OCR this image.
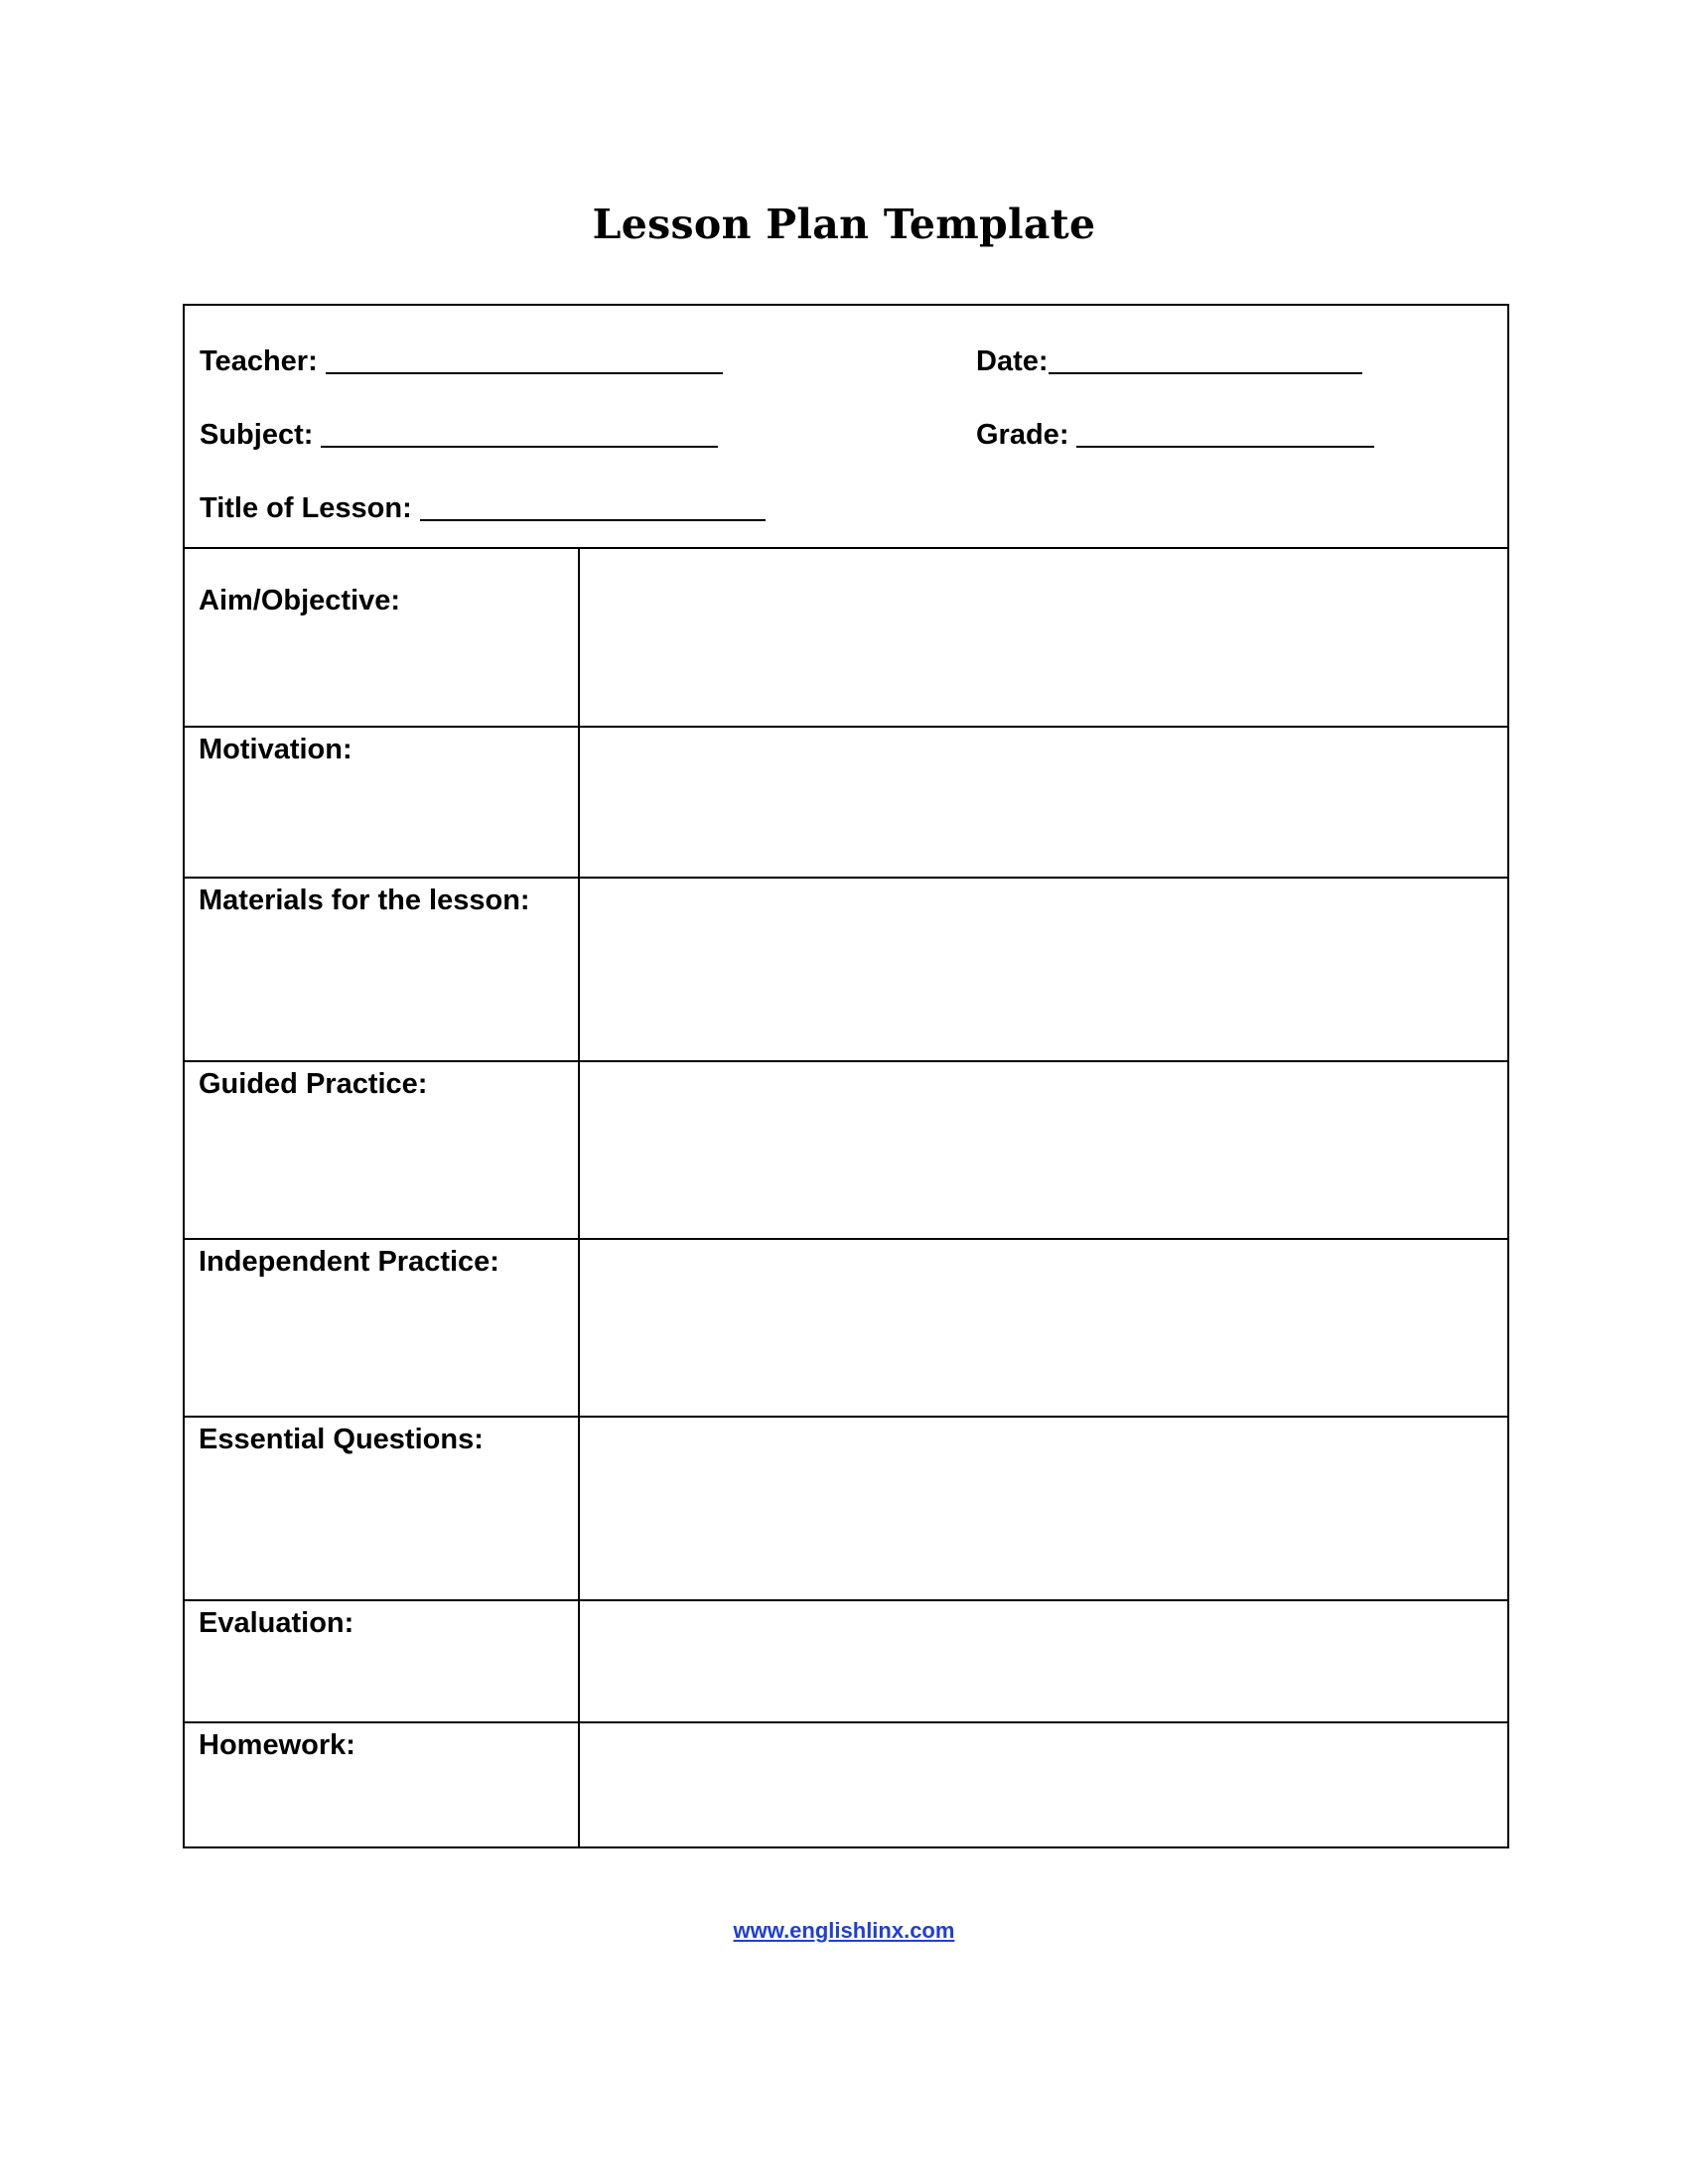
Lesson Plan Template
Teacher:	Date:
Subject:	Grade:
Title of Lesson:
Aim/Objective:
Motivation:
Materials for the lesson:
Guided Practice:
Independent Practice:
Essential Questions:
Evaluation:
Homework:
www.englishlinx.com
